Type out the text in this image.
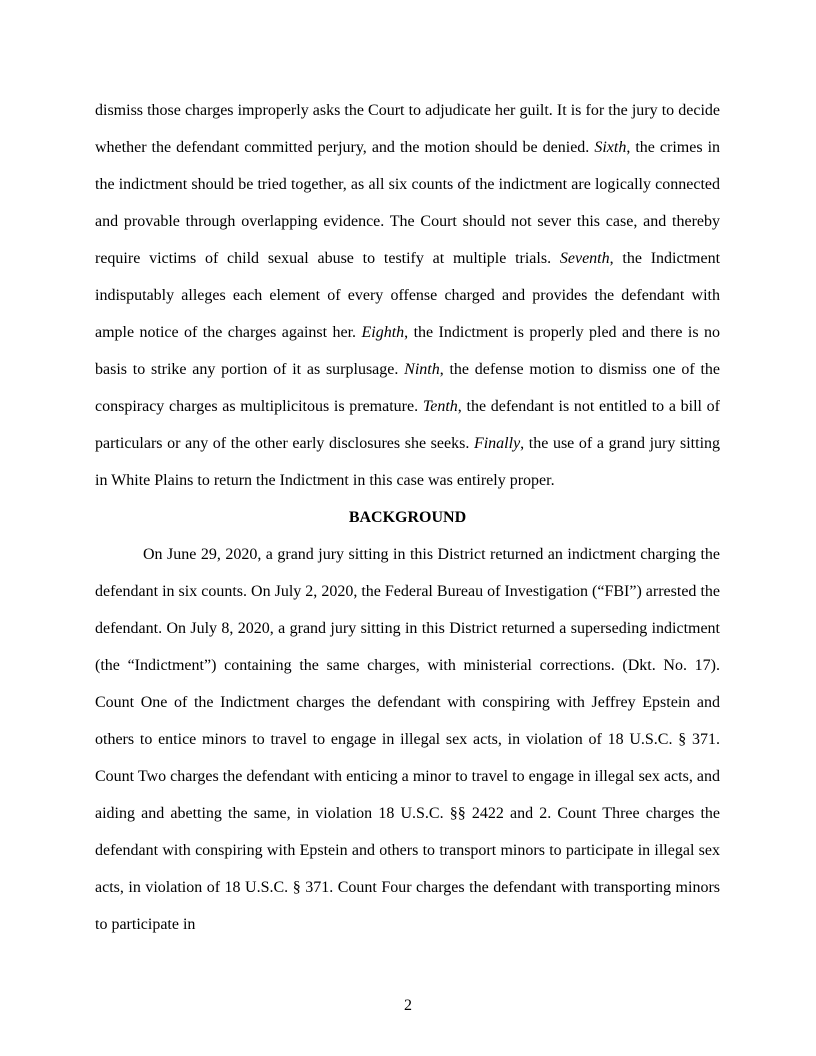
dismiss those charges improperly asks the Court to adjudicate her guilt. It is for the jury to decide whether the defendant committed perjury, and the motion should be denied. Sixth, the crimes in the indictment should be tried together, as all six counts of the indictment are logically connected and provable through overlapping evidence. The Court should not sever this case, and thereby require victims of child sexual abuse to testify at multiple trials. Seventh, the Indictment indisputably alleges each element of every offense charged and provides the defendant with ample notice of the charges against her. Eighth, the Indictment is properly pled and there is no basis to strike any portion of it as surplusage. Ninth, the defense motion to dismiss one of the conspiracy charges as multiplicitous is premature. Tenth, the defendant is not entitled to a bill of particulars or any of the other early disclosures she seeks. Finally, the use of a grand jury sitting in White Plains to return the Indictment in this case was entirely proper.

BACKGROUND

On June 29, 2020, a grand jury sitting in this District returned an indictment charging the defendant in six counts. On July 2, 2020, the Federal Bureau of Investigation (“FBI”) arrested the defendant. On July 8, 2020, a grand jury sitting in this District returned a superseding indictment (the “Indictment”) containing the same charges, with ministerial corrections. (Dkt. No. 17). Count One of the Indictment charges the defendant with conspiring with Jeffrey Epstein and others to entice minors to travel to engage in illegal sex acts, in violation of 18 U.S.C. § 371. Count Two charges the defendant with enticing a minor to travel to engage in illegal sex acts, and aiding and abetting the same, in violation 18 U.S.C. §§ 2422 and 2. Count Three charges the defendant with conspiring with Epstein and others to transport minors to participate in illegal sex acts, in violation of 18 U.S.C. § 371. Count Four charges the defendant with transporting minors to participate in

2
